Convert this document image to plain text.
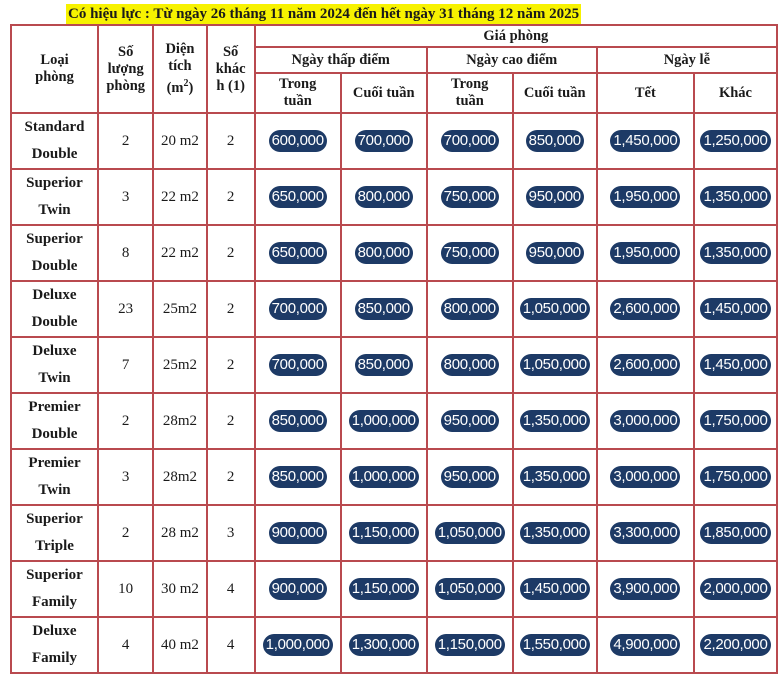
Có hiệu lực : Từ ngày 26 tháng 11 năm 2024 đến hết ngày 31 tháng 12 năm 2025
Loại
phòng	Số
lượng
phòng	Diện
tích
$(m^2)$	Số
khác
h (1)	Giá phòng					
				Ngày thấp điểm		Ngày cao điểm		Ngày lễ	
				Trong
tuần	Cuối tuần	Trong
tuần	Cuối tuần	Tết	Khác
Standard
Double	2	20 m2	2	600,000	700,000	700,000	850,000	1,450,000	1,250,000
Superior
Twin	3	22 m2	2	650,000	800,000	750,000	950,000	1,950,000	1,350,000
Superior
Double	8	22 m2	2	650,000	800,000	750,000	950,000	1,950,000	1,350,000
Deluxe
Double	23	25m2	2	700,000	850,000	800,000	1,050,000	2,600,000	1,450,000
Deluxe
Twin	7	25m2	2	700,000	850,000	800,000	1,050,000	2,600,000	1,450,000
Premier
Double	2	28m2	2	850,000	1,000,000	950,000	1,350,000	3,000,000	1,750,000
Premier
Twin	3	28m2	2	850,000	1,000,000	950,000	1,350,000	3,000,000	1,750,000
Superior
Triple	2	28 m2	3	900,000	1,150,000	1,050,000	1,350,000	3,300,000	1,850,000
Superior
Family	10	30 m2	4	900,000	1,150,000	1,050,000	1,450,000	3,900,000	2,000,000
Deluxe
Family	4	40 m2	4	1,000,000	1,300,000	1,150,000	1,550,000	4,900,000	2,200,000
